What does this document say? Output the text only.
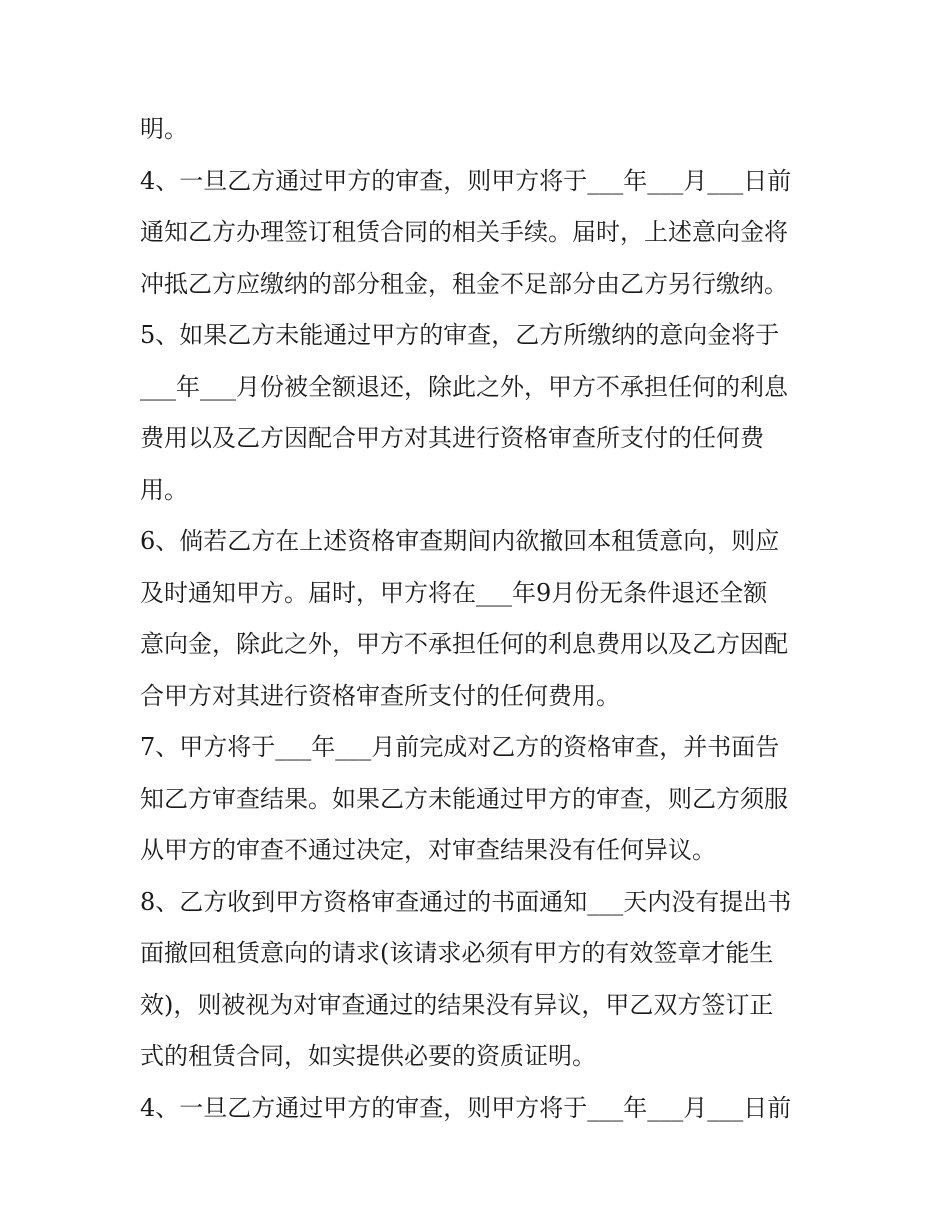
明。
4、一旦乙方通过甲方的审查，则甲方将于___年___月___日前
通知乙方办理签订租赁合同的相关手续。届时，上述意向金将
冲抵乙方应缴纳的部分租金，租金不足部分由乙方另行缴纳。
5、如果乙方未能通过甲方的审查，乙方所缴纳的意向金将于
___年___月份被全额退还，除此之外，甲方不承担任何的利息
费用以及乙方因配合甲方对其进行资格审查所支付的任何费
用。
6、倘若乙方在上述资格审查期间内欲撤回本租赁意向，则应
及时通知甲方。届时，甲方将在___年9月份无条件退还全额
意向金，除此之外，甲方不承担任何的利息费用以及乙方因配
合甲方对其进行资格审查所支付的任何费用。
7、甲方将于___年___月前完成对乙方的资格审查，并书面告
知乙方审查结果。如果乙方未能通过甲方的审查，则乙方须服
从甲方的审查不通过决定，对审查结果没有任何异议。
8、乙方收到甲方资格审查通过的书面通知___天内没有提出书
面撤回租赁意向的请求(该请求必须有甲方的有效签章才能生
效)，则被视为对审查通过的结果没有异议，甲乙双方签订正
式的租赁合同，如实提供必要的资质证明。
4、一旦乙方通过甲方的审查，则甲方将于___年___月___日前
